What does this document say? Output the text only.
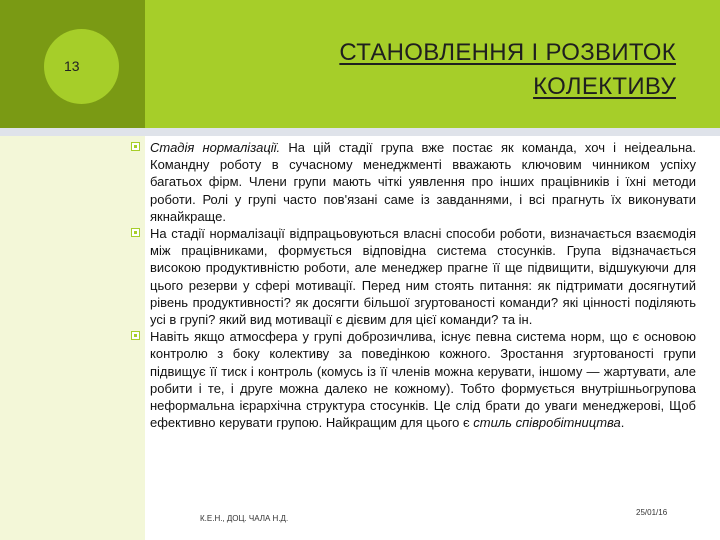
13	СТАНОВЛЕННЯ І РОЗВИТОК
КОЛЕКТИВУ

Стадія нормалізації. На цій стадії група вже постає як команда, хоч і неідеальна. Командну роботу в сучасному менеджменті вважають ключовим чинником успіху багатьох фірм. Члени групи мають чіткі уявлення про інших працівників і їхні методи роботи. Ролі у групі часто пов'язані саме із завданнями, і всі прагнуть їх виконувати якнайкраще.

На стадії нормалізації відпрацьовуються власні способи роботи, визначається взаємодія між працівниками, формується відповідна система стосунків. Група відзначається високою продуктивністю роботи, але менеджер прагне її ще підвищити, відшукуючи для цього резерви у сфері мотивації. Перед ним стоять питання: як підтримати досягнутий рівень продуктивності? як досягти більшої згуртованості команди? які цінності поділяють усі в групі? який вид мотивації є дієвим для цієї команди? та ін.

Навіть якщо атмосфера у групі доброзичлива, існує певна система норм, що є основою контролю з боку колективу за поведінкою кожного. Зростання згуртованості групи підвищує її тиск і контроль (комусь із її членів можна керувати, іншому — жартувати, але робити і те, і друге можна далеко не кожному). Тобто формується внутрішньогрупова неформальна ієрархічна структура стосунків. Це слід брати до уваги менеджерові, Щоб ефективно керувати групою. Найкращим для цього є стиль співробітництва.

К.Е.Н., ДОЦ. ЧАЛА Н.Д.
25/01/16
